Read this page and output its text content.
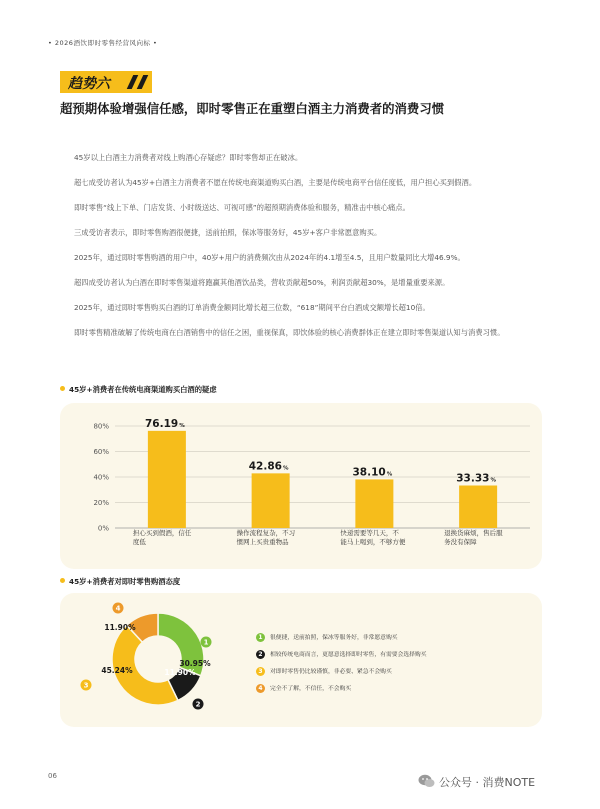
• 2026酒饮即时零售经营风向标 •
趋势六
超预期体验增强信任感，即时零售正在重塑白酒主力消费者的消费习惯

45岁以上白酒主力消费者对线上购酒心存疑虑？即时零售却正在破冰。

超七成受访者认为45岁+白酒主力消费者不愿在传统电商渠道购买白酒，主要是传统电商平台信任度低，用户担心买到假酒。

即时零售“线上下单、门店发货、小时级送达、可视可感”的超预期消费体验和服务，精准击中核心痛点。

三成受访者表示，即时零售购酒很便捷，送前拍照，保冰等服务好，45岁+客户非常愿意购买。

2025年，通过即时零售购酒的用户中，40岁+用户的消费频次由从2024年的4.1增至4.5，且用户数量同比大增46.9%。

超四成受访者认为白酒在即时零售渠道将跑赢其他酒饮品类，营收贡献超50%，利润贡献超30%，是增量重要来源。

2025年，通过即时零售购买白酒的订单消费金额同比增长超三位数，“618”期间平台白酒成交额增长超10倍。

即时零售精准破解了传统电商在白酒销售中的信任之困，重视保真，即饮体验的核心消费群体正在建立即时零售渠道认知与消费习惯。

45岁+消费者在传统电商渠道购买白酒的疑虑
0%
20%
40%
60%
80%	76.19%
担心买到假酒，信任
度低
42.86%
操作流程复杂，不习
惯网上买贵重物品
38.10%
快递需要等几天，不
能马上喝到，不够方便
33.33%
退换货麻烦，售后服
务没有保障
45岁+消费者对即时零售购酒态度
30.95%
1
11.90%
2
45.24%
3
11.90%
4
1	很便捷，送前拍照，保冰等服务好，非常愿意购买
2	相较传统电商而言，更愿意选择即时零售，有需要会选择购买
3	对即时零售仍比较谨慎，非必要、紧急不会购买
4	完全不了解，不信任，不会购买
06	公众号 · 消费NOTE
